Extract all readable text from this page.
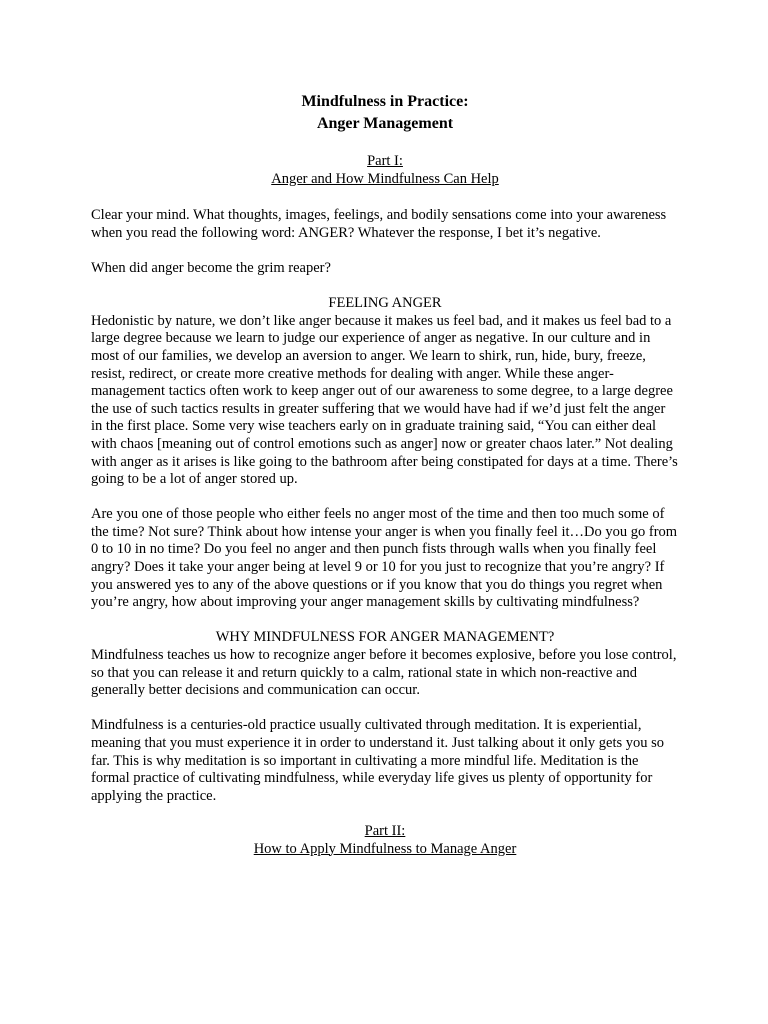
Mindfulness in Practice:
Anger Management
Part I:
Anger and How Mindfulness Can Help

Clear your mind. What thoughts, images, feelings, and bodily sensations come into your awareness when you read the following word: ANGER? Whatever the response, I bet it’s negative.

When did anger become the grim reaper?

FEELING ANGER

Hedonistic by nature, we don’t like anger because it makes us feel bad, and it makes us feel bad to a large degree because we learn to judge our experience of anger as negative. In our culture and in most of our families, we develop an aversion to anger. We learn to shirk, run, hide, bury, freeze, resist, redirect, or create more creative methods for dealing with anger. While these anger-management tactics often work to keep anger out of our awareness to some degree, to a large degree the use of such tactics results in greater suffering that we would have had if we’d just felt the anger in the first place. Some very wise teachers early on in graduate training said, “You can either deal with chaos [meaning out of control emotions such as anger] now or greater chaos later.” Not dealing with anger as it arises is like going to the bathroom after being constipated for days at a time. There’s going to be a lot of anger stored up.

Are you one of those people who either feels no anger most of the time and then too much some of the time? Not sure? Think about how intense your anger is when you finally feel it…Do you go from 0 to 10 in no time? Do you feel no anger and then punch fists through walls when you finally feel angry? Does it take your anger being at level 9 or 10 for you just to recognize that you’re angry? If you answered yes to any of the above questions or if you know that you do things you regret when you’re angry, how about improving your anger management skills by cultivating mindfulness?

WHY MINDFULNESS FOR ANGER MANAGEMENT?

Mindfulness teaches us how to recognize anger before it becomes explosive, before you lose control, so that you can release it and return quickly to a calm, rational state in which non-reactive and generally better decisions and communication can occur.

Mindfulness is a centuries-old practice usually cultivated through meditation. It is experiential, meaning that you must experience it in order to understand it. Just talking about it only gets you so far. This is why meditation is so important in cultivating a more mindful life. Meditation is the formal practice of cultivating mindfulness, while everyday life gives us plenty of opportunity for applying the practice.

Part II:
How to Apply Mindfulness to Manage Anger
